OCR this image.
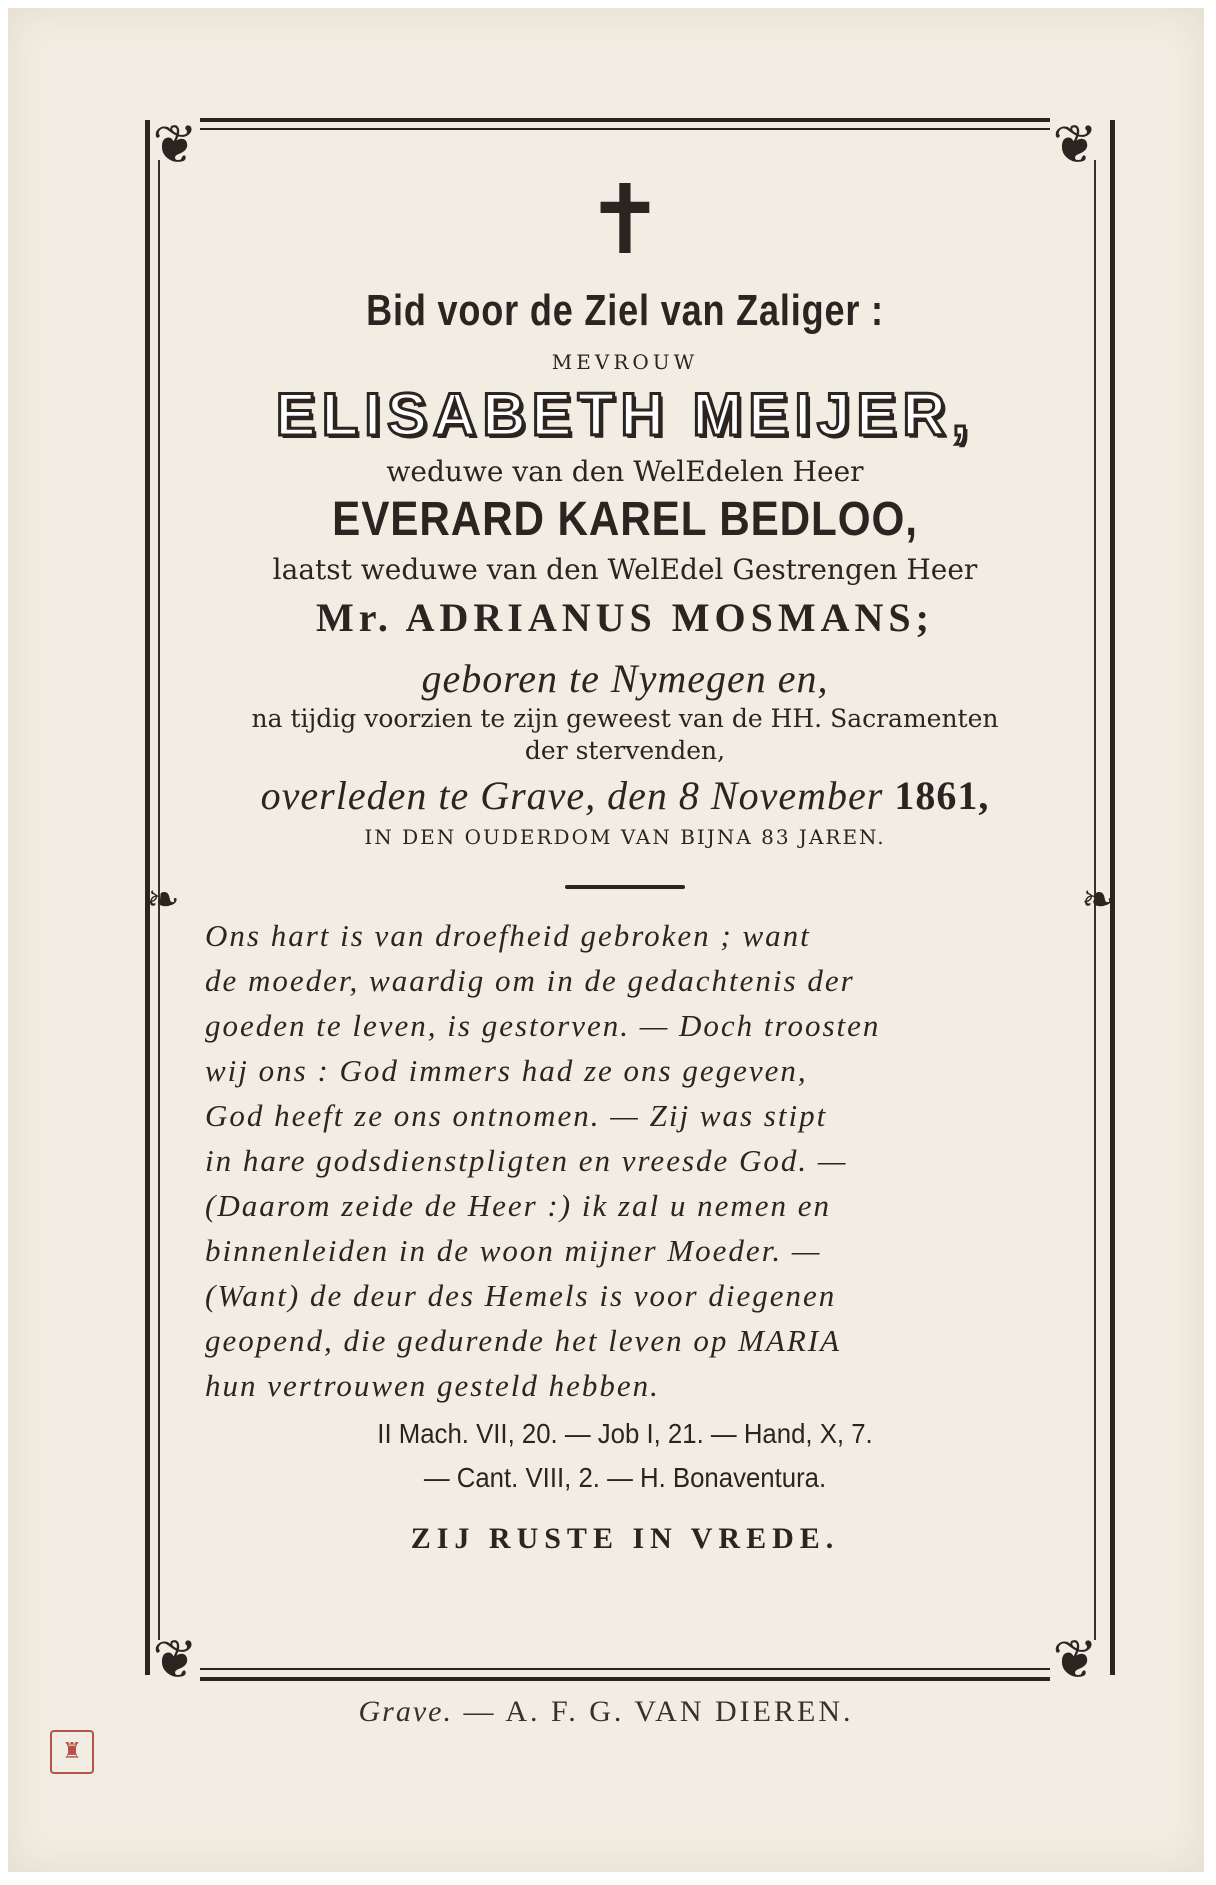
❦	❦
❦	❦
❧	❧
✝
Bid voor de Ziel van Zaliger :
MEVROUW
ELISABETH MEIJER,
weduwe van den WelEdelen Heer
EVERARD KAREL BEDLOO,
laatst weduwe van den WelEdel Gestrengen Heer
Mr. ADRIANUS MOSMANS;
geboren te Nymegen en,
na tijdig voorzien te zijn geweest van de HH. Sacramenten
der stervenden,
overleden te Grave, den 8 November 1861,
IN DEN OUDERDOM VAN BIJNA 83 JAREN.

Ons hart is van droefheid gebroken ; want

de moeder, waardig om in de gedachtenis der

goeden te leven, is gestorven. — Doch troosten

wij ons : God immers had ze ons gegeven,

God heeft ze ons ontnomen. — Zij was stipt

in hare godsdienstpligten en vreesde God. —

(Daarom zeide de Heer :) ik zal u nemen en

binnenleiden in de woon mijner Moeder. —

(Want) de deur des Hemels is voor diegenen

geopend, die gedurende het leven op MARIA

hun vertrouwen gesteld hebben.

II Mach. VII, 20. — Job I, 21. — Hand, X, 7.
— Cant. VIII, 2. — H. Bonaventura.
ZIJ RUSTE IN VREDE.
Grave. — A. F. G. VAN DIEREN.
♜
